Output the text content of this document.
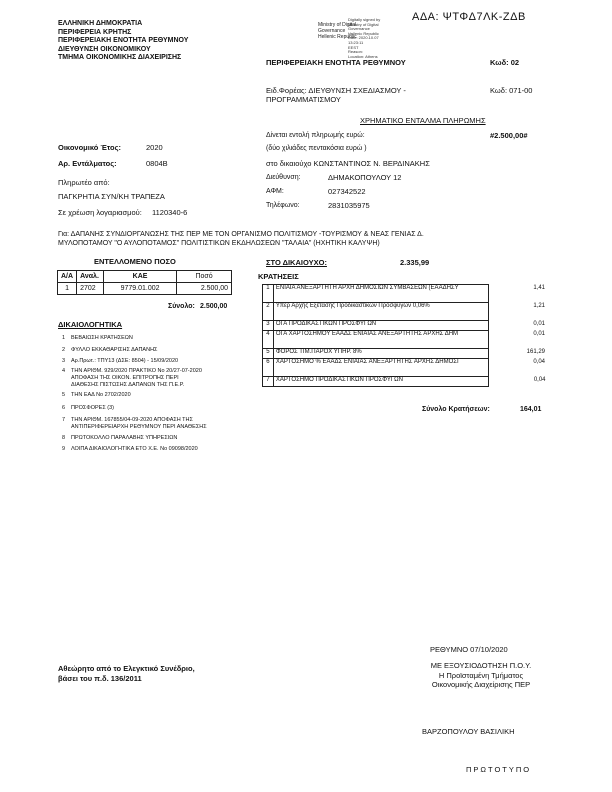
ΑΔΑ: ΨΤΦΔ7ΛΚ-ΖΔΒ
ΕΛΛΗΝΙΚΗ ΔΗΜΟΚΡΑΤΙΑ
ΠΕΡΙΦΕΡΕΙΑ ΚΡΗΤΗΣ
ΠΕΡΙΦΕΡΕΙΑΚΗ ΕΝΟΤΗΤΑ ΡΕΘΥΜΝΟΥ
ΔΙΕΥΘΥΝΣΗ ΟΙΚΟΝΟΜΙΚΟΥ
ΤΜΗΜΑ ΟΙΚΟΝΟΜΙΚΗΣ ΔΙΑΧΕΙΡΙΣΗΣ
Ministry of Digital
Governance
Hellenic Republic
Digitally signed by
Ministry of Digital
Governance
Hellenic Republic
Date: 2020.10.07
13:23:11
EEST
Reason:
Location: Athens
ΠΕΡΙΦΕΡΕΙΑΚΗ ΕΝΟΤΗΤΑ ΡΕΘΥΜΝΟΥ	Κωδ: 02
Ειδ.Φορέας: ΔΙΕΥΘΥΝΣΗ ΣΧΕΔΙΑΣΜΟΥ -
ΠΡΟΓΡΑΜΜΑΤΙΣΜΟΥ
Κωδ: 071-00
ΧΡΗΜΑΤΙΚΟ ΕΝΤΑΛΜΑ ΠΛΗΡΩΜΗΣ
Δίνεται εντολή πληρωμής ευρώ:	#2.500,00#
(δύο χιλιάδες πεντακόσια ευρώ )
στο δικαιούχο ΚΩΝΣΤΑΝΤΙΝΟΣ Ν. ΒΕΡΔΙΝΑΚΗΣ
Οικονομικό Έτος:	2020
Αρ. Εντάλματος:	0804Β
Διεύθυνση:	ΔΗΜΑΚΟΠΟΥΛΟΥ 12
ΑΦΜ:	027342522
Τηλέφωνο:	2831035975
Πληρωτέο από:
ΠΑΓΚΡΗΤΙΑ ΣΥΝ/ΚΗ ΤΡΑΠΕΖΑ
Σε χρέωση λογαριασμού: 1120340-6
Για: ΔΑΠΑΝΗΣ ΣΥΝΔΙΟΡΓΑΝΩΣΗΣ ΤΗΣ ΠΕΡ ΜΕ ΤΟΝ ΟΡΓΑΝΙΣΜΟ ΠΟΛΙΤΙΣΜΟΥ -ΤΟΥΡΙΣΜΟΥ & ΝΕΑΣ ΓΕΝΙΑΣ Δ.
ΜΥΛΟΠΟΤΑΜΟΥ "Ο ΑΥΛΟΠΟΤΑΜΟΣ" ΠΟΛΙΤΙΣΤΙΚΩΝ ΕΚΔΗΛΩΣΕΩΝ "ΤΑΛΑΙΑ" (ΗΧΗΤΙΚΗ ΚΑΛΥΨΗ)
ΕΝΤΕΛΛΟΜΕΝΟ ΠΟΣΟ
Α/Α	Αναλ.	ΚΑΕ	Ποσό
1	2702	9779.01.002	2.500,00
Σύνολο: 2.500,00
ΣΤΟ ΔΙΚΑΙΟΥΧΟ:	2.335,99
ΚΡΑΤΗΣΕΙΣ
1	ΕΝΙΑΙΑ ΑΝΕΞΑΡΤΗΤΗ ΑΡΧΗ ΔΗΜΟΣΙΩΝ ΣΥΜΒΑΣΕΩΝ (ΕΑΑΔΗΣΥ	1,41
2	Υπερ Αρχής Εξέτασης Προδικαστικών Προσφυγών 0,06%	1,21
3	ΟΓΑ ΠΡΟΔΙΚΑΣΤΙΚΩΝ ΠΡΟΣΦΥΓΩΝ	0,01
4	ΟΓΑ ΧΑΡΤΟΣΗΜΟΥ ΕΑΑΔΣ ΕΝΙΑΙΑΣ ΑΝΕΞΑΡΤΗΤΗΣ ΑΡΧΗΣ ΔΗΜ	0,01
5	ΦΟΡΟΣ ΤΙΜ.ΠΑΡΟΧ ΥΠΗΡ. 8%	161,29
6	ΧΑΡΤΟΣΗΜΟ % ΕΑΑΔΣ ΕΝΙΑΙΑΣ ΑΝΕΞΑΡΤΗΤΗΣ ΑΡΧΗΣ ΔΗΜΟΣΙ	0,04
7	ΧΑΡΤΟΣΗΜΟ ΠΡΟΔΙΚΑΣΤΙΚΩΝ ΠΡΟΣΦΥΓΩΝ	0,04
Σύνολο Κρατήσεων:	164,01
ΔΙΚΑΙΟΛΟΓΗΤΙΚΑ
1 ΒΕΒΑΙΩΣΗ ΚΡΑΤΗΣΕΩΝ
2 ΦΥΛΛΟ ΕΚΚΑΘΑΡΙΣΗΣ ΔΑΠΑΝΗΣ
3 Αρ.Πρωτ.: ΤΠΥ13 (ΔΣΕ: 8504) - 15/09/2020
4 ΤΗΝ ΑΡΙΘΜ. 929/2020 ΠΡΑΚΤΙΚΟ Νο 20/27-07-2020
ΑΠΟΦΑΣΗ ΤΗΣ ΟΙΚΟΝ. ΕΠΙΤΡΟΠΗΣ ΠΕΡΙ
ΔΙΑΘΕΣΗΣ ΠΙΣΤΩΣΗΣ ΔΑΠΑΝΩΝ ΤΗΣ Π.Ε.Ρ.
5 ΤΗΝ ΕΑΔ Νο 2702/2020
6 ΠΡΟΣΦΟΡΕΣ (3)
7 ΤΗΝ ΑΡΙΘΜ. 167855/04-09-2020 ΑΠΟΦΑΣΗ ΤΗΣ
ΑΝΤΙΠΕΡΙΦΕΡΕΙΑΡΧΗ ΡΕΘΥΜΝΟΥ ΠΕΡΙ ΑΝΑΘΕΣΗΣ
8 ΠΡΩΤΟΚΟΛΛΟ ΠΑΡΑΛΑΒΗΣ ΥΠΗΡΕΣΙΩΝ
9 ΛΟΙΠΑ ΔΙΚΑΙΟΛΟΓΗΤΙΚΑ ΕΤΟ Χ.Ε. Νο 09098/2020
ΡΕΘΥΜΝΟ 07/10/2020
ΜΕ ΕΞΟΥΣΙΟΔΟΤΗΣΗ Π.Ο.Υ.
Η Προϊσταμένη Τμήματος
Οικονομικής Διαχείρισης ΠΕΡ
Αθεώρητο από το Ελεγκτικό Συνέδριο,
βάσει του π.δ. 136/2011
ΒΑΡΖΟΠΟΥΛΟΥ ΒΑΣΙΛΙΚΗ
ΠΡΩΤΟΤΥΠΟ
